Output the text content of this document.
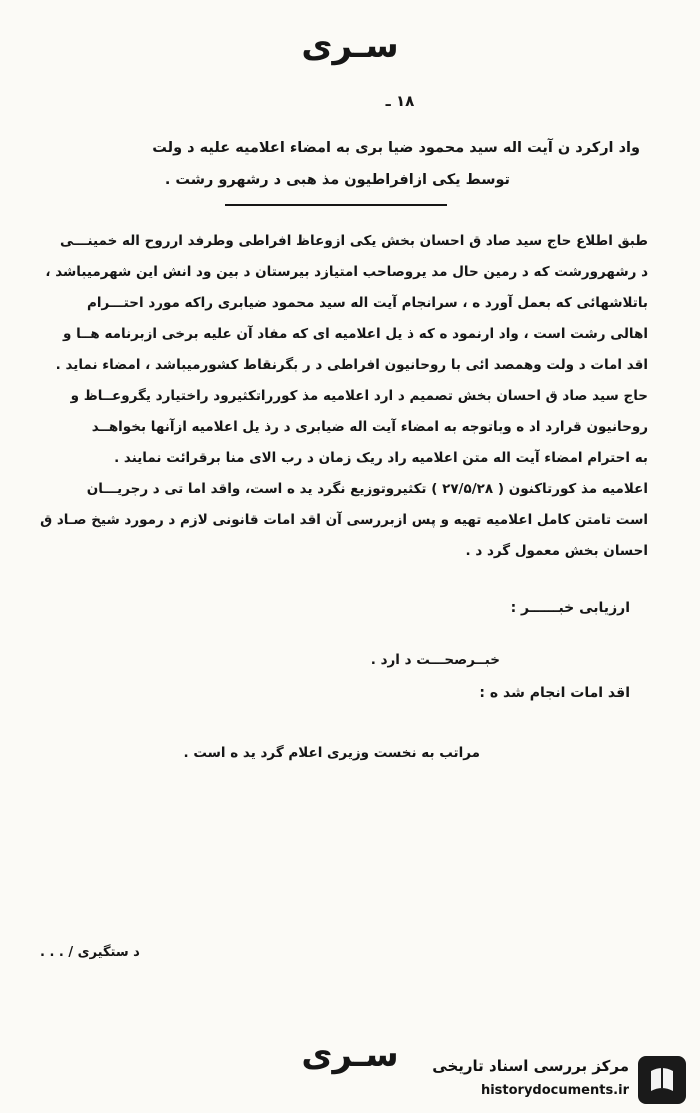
سـری
۱۸ ـ
واد ارکرد ن آیت اله سید محمود ضیا بری به امضاء اعلامیه علیه د ولت
توسط یکی ازافراطیون مذ هبی د رشهرو رشت .
طبق اطلاع حاج سید صاد ق احسان بخش یکی ازوعاظ افراطی وطرفد ارروح اله خمینـــی
د رشهرورشت که د رمین حال مد یروصاحب امتیازد بیرستان د بین ود انش این شهرمیباشد ،
باتلاشهائی که بعمل آورد ه ، سرانجام آیت اله سید محمود ضیابری راکه مورد احتـــرام
اهالی رشت است ، واد ارنمود ه که ذ یل اعلامیه ای که مفاد آن علیه برخی ازبرنامه هــا و
اقد امات د ولت وهمصد ائی با روحانیون افراطی د ر بگرنقاط کشورمیباشد ، امضاء نماید .
حاج سید صاد ق احسان بخش تصمیم د ارد اعلامیه مذ کورراتکثیرود راختیارد یگروعــاظ و
روحانیون قرارد اد ه وباتوجه به امضاء آیت اله ضیابری د رذ یل اعلامیه ازآنها بخواهــد
به احترام امضاء آیت اله متن اعلامیه راد ریک زمان د رب الای منا برقرائت نمایند .
اعلامیه مذ کورتاکنون ( ۲۷/۵/۲۸ ) تکثیروتوزیع نگرد ید ه است، واقد اما تی د رجریـــان
است تامتن کامل اعلامیه تهیه و پس ازبررسی آن اقد امات قانونی لازم د رمورد شیخ صـاد ق
احسان بخش معمول گرد د .
ارزیابی خبــــــر :
خبــرصحـــت د ارد .
اقد امات انجام شد ه :
مراتب به نخست وزیری اعلام گرد ید ه است .
د ستگیری / . . .
سـری	مرکز بررسی اسناد تاریخی
historydocuments.ir
